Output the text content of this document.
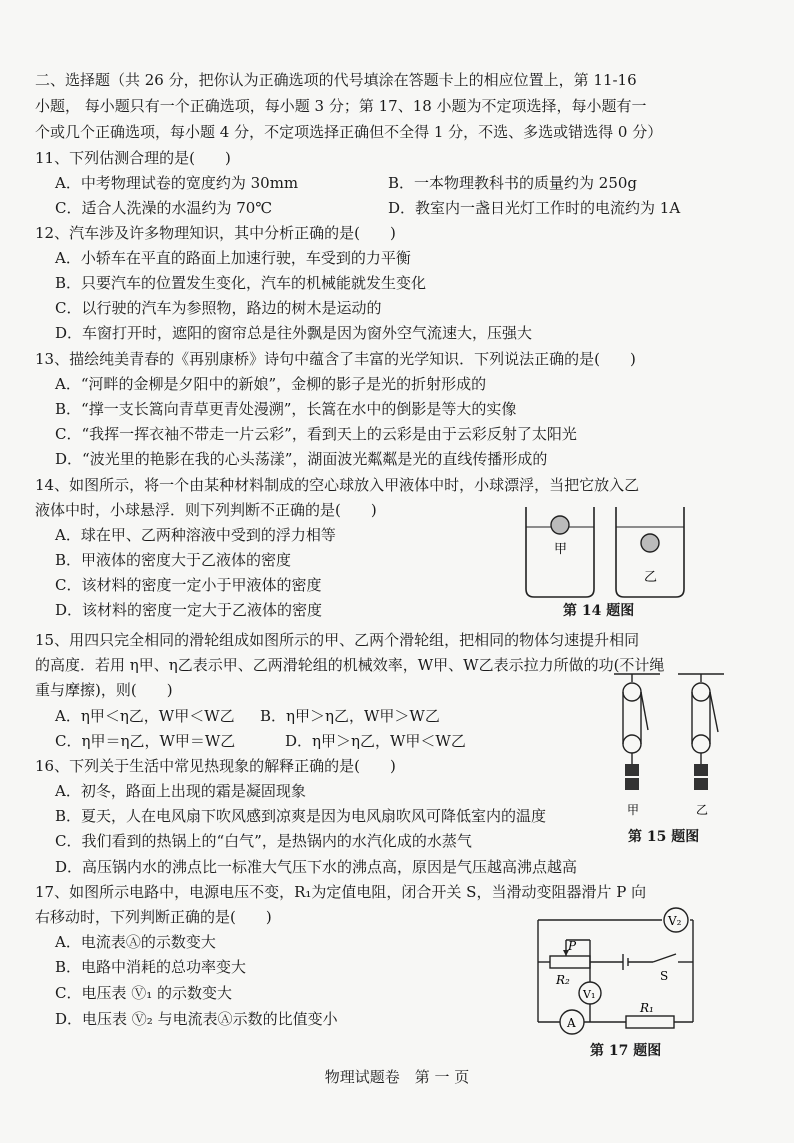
二、选择题（共 26 分，把你认为正确选项的代号填涂在答题卡上的相应位置上，第 11-16
小题， 每小题只有一个正确选项，每小题 3 分；第 17、18 小题为不定项选择，每小题有一
个或几个正确选项，每小题 4 分，不定项选择正确但不全得 1 分，不选、多选或错选得 0 分）
11、下列估测合理的是(　　)
A．中考物理试卷的宽度约为 30mm	B．一本物理教科书的质量约为 250g
C．适合人洗澡的水温约为 70℃	D．教室内一盏日光灯工作时的电流约为 1A
12、汽车涉及许多物理知识，其中分析正确的是(　　)
A．小轿车在平直的路面上加速行驶，车受到的力平衡
B．只要汽车的位置发生变化，汽车的机械能就发生变化
C．以行驶的汽车为参照物，路边的树木是运动的
D．车窗打开时，遮阳的窗帘总是往外飘是因为窗外空气流速大，压强大
13、描绘纯美青春的《再别康桥》诗句中蕴含了丰富的光学知识．下列说法正确的是(　　)
A．“河畔的金柳是夕阳中的新娘”，金柳的影子是光的折射形成的
B．“撑一支长篙向青草更青处漫溯”，长篙在水中的倒影是等大的实像
C．“我挥一挥衣袖不带走一片云彩”，看到天上的云彩是由于云彩反射了太阳光
D．“波光里的艳影在我的心头荡漾”，湖面波光粼粼是光的直线传播形成的
14、如图所示，将一个由某种材料制成的空心球放入甲液体中时，小球漂浮，当把它放入乙
液体中时，小球悬浮．则下列判断不正确的是(　　)
A．球在甲、乙两种溶液中受到的浮力相等
B．甲液体的密度大于乙液体的密度
C．该材料的密度一定小于甲液体的密度
D．该材料的密度一定大于乙液体的密度
甲
乙
第 14 题图
15、用四只完全相同的滑轮组成如图所示的甲、乙两个滑轮组，把相同的物体匀速提升相同
的高度．若用 η甲、η乙表示甲、乙两滑轮组的机械效率，W甲、W乙表示拉力所做的功(不计绳
重与摩擦)，则(　　)
A．η甲＜η乙，W甲＜W乙 B．η甲＞η乙，W甲＞W乙
C．η甲＝η乙，W甲＝W乙	D．η甲＞η乙，W甲＜W乙
甲	乙
第 15 题图
16、下列关于生活中常见热现象的解释正确的是(　　)
A．初冬，路面上出现的霜是凝固现象
B．夏天，人在电风扇下吹风感到凉爽是因为电风扇吹风可降低室内的温度
C．我们看到的热锅上的“白气”，是热锅内的水汽化成的水蒸气
D．高压锅内水的沸点比一标准大气压下水的沸点高，原因是气压越高沸点越高
17、如图所示电路中，电源电压不变，R₁为定值电阻，闭合开关 S，当滑动变阻器滑片 P 向
右移动时，下列判断正确的是(　　)
A．电流表Ⓐ的示数变大
B．电路中消耗的总功率变大
C．电压表 Ⓥ₁ 的示数变大
D．电压表 Ⓥ₂ 与电流表Ⓐ示数的比值变小
V₂
V₁
A
P
R₂
R₁
S
第 17 题图
物理试题卷　第 一 页
